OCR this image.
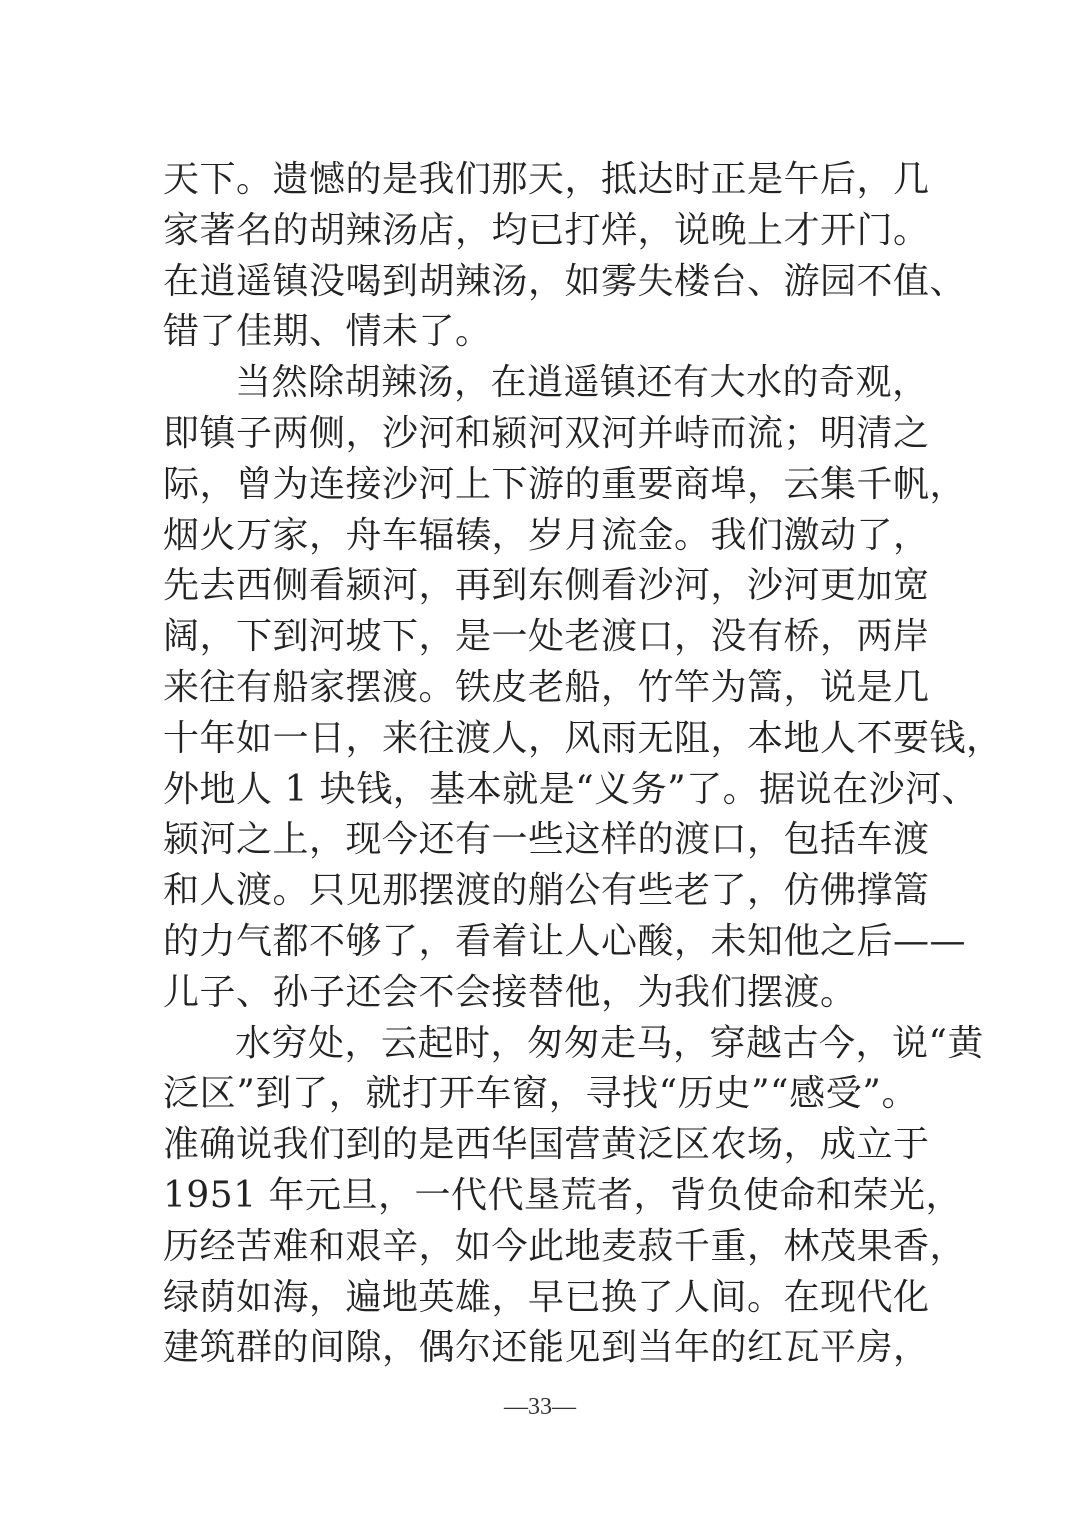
天下。遗憾的是我们那天，抵达时正是午后，几
家著名的胡辣汤店，均已打烊，说晚上才开门。
在逍遥镇没喝到胡辣汤，如雾失楼台、游园不值、
错了佳期、情未了。
当然除胡辣汤，在逍遥镇还有大水的奇观，
即镇子两侧，沙河和颍河双河并峙而流；明清之
际，曾为连接沙河上下游的重要商埠，云集千帆，
烟火万家，舟车辐辏，岁月流金。我们激动了，
先去西侧看颍河，再到东侧看沙河，沙河更加宽
阔，下到河坡下，是一处老渡口，没有桥，两岸
来往有船家摆渡。铁皮老船，竹竿为篙，说是几
十年如一日，来往渡人，风雨无阻，本地人不要钱，
外地人 1 块钱，基本就是“义务”了。据说在沙河、
颍河之上，现今还有一些这样的渡口，包括车渡
和人渡。只见那摆渡的艄公有些老了，仿佛撑篙
的力气都不够了，看着让人心酸，未知他之后——
儿子、孙子还会不会接替他，为我们摆渡。
水穷处，云起时，匆匆走马，穿越古今，说“黄
泛区”到了，就打开车窗，寻找“历史”“感受”。
准确说我们到的是西华国营黄泛区农场，成立于
1951 年元旦，一代代垦荒者，背负使命和荣光，
历经苦难和艰辛，如今此地麦菽千重，林茂果香，
绿荫如海，遍地英雄，早已换了人间。在现代化
建筑群的间隙，偶尔还能见到当年的红瓦平房，
—33—
